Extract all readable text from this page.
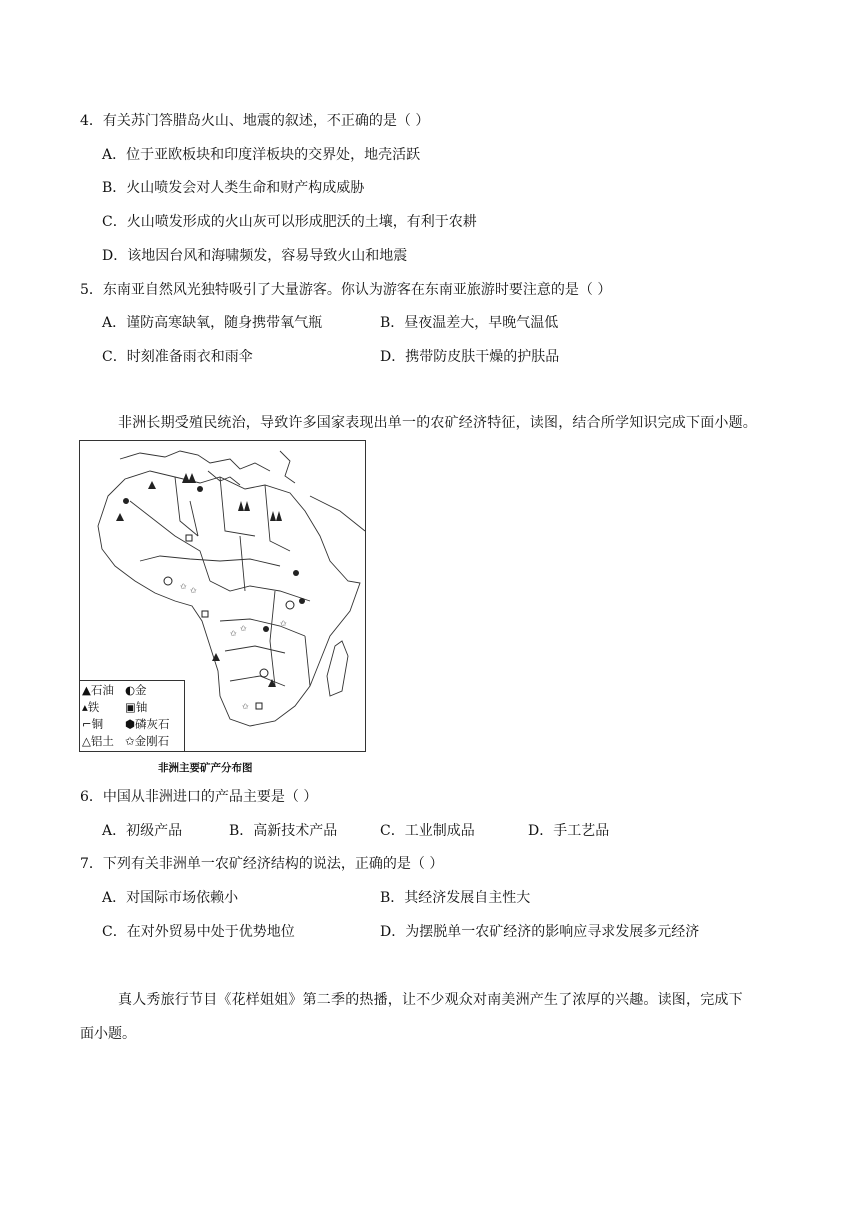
4．有关苏门答腊岛火山、地震的叙述，不正确的是（ ）
A．位于亚欧板块和印度洋板块的交界处，地壳活跃
B．火山喷发会对人类生命和财产构成威胁
C．火山喷发形成的火山灰可以形成肥沃的土壤，有利于农耕
D．该地因台风和海啸频发，容易导致火山和地震
5．东南亚自然风光独特吸引了大量游客。你认为游客在东南亚旅游时要注意的是（ ）
A．谨防高寒缺氧，随身携带氧气瓶	B．昼夜温差大，早晚气温低
C．时刻准备雨衣和雨伞	D．携带防皮肤干燥的护肤品
非洲长期受殖民统治，导致许多国家表现出单一的农矿经济特征，读图，结合所学知识完成下面小题。
✩ ✩
✩
✩
✩
✩
▲石油 ◐金
▴铁 ▣铀
⌐铜 ⬢磷灰石
△铝土 ✩金刚石
非洲主要矿产分布图
6．中国从非洲进口的产品主要是（ ）
A．初级产品	B．高新技术产品	C．工业制成品	D．手工艺品
7．下列有关非洲单一农矿经济结构的说法，正确的是（ ）
A．对国际市场依赖小	B．其经济发展自主性大
C．在对外贸易中处于优势地位	D．为摆脱单一农矿经济的影响应寻求发展多元经济
真人秀旅行节目《花样姐姐》第二季的热播，让不少观众对南美洲产生了浓厚的兴趣。读图，完成下
面小题。
